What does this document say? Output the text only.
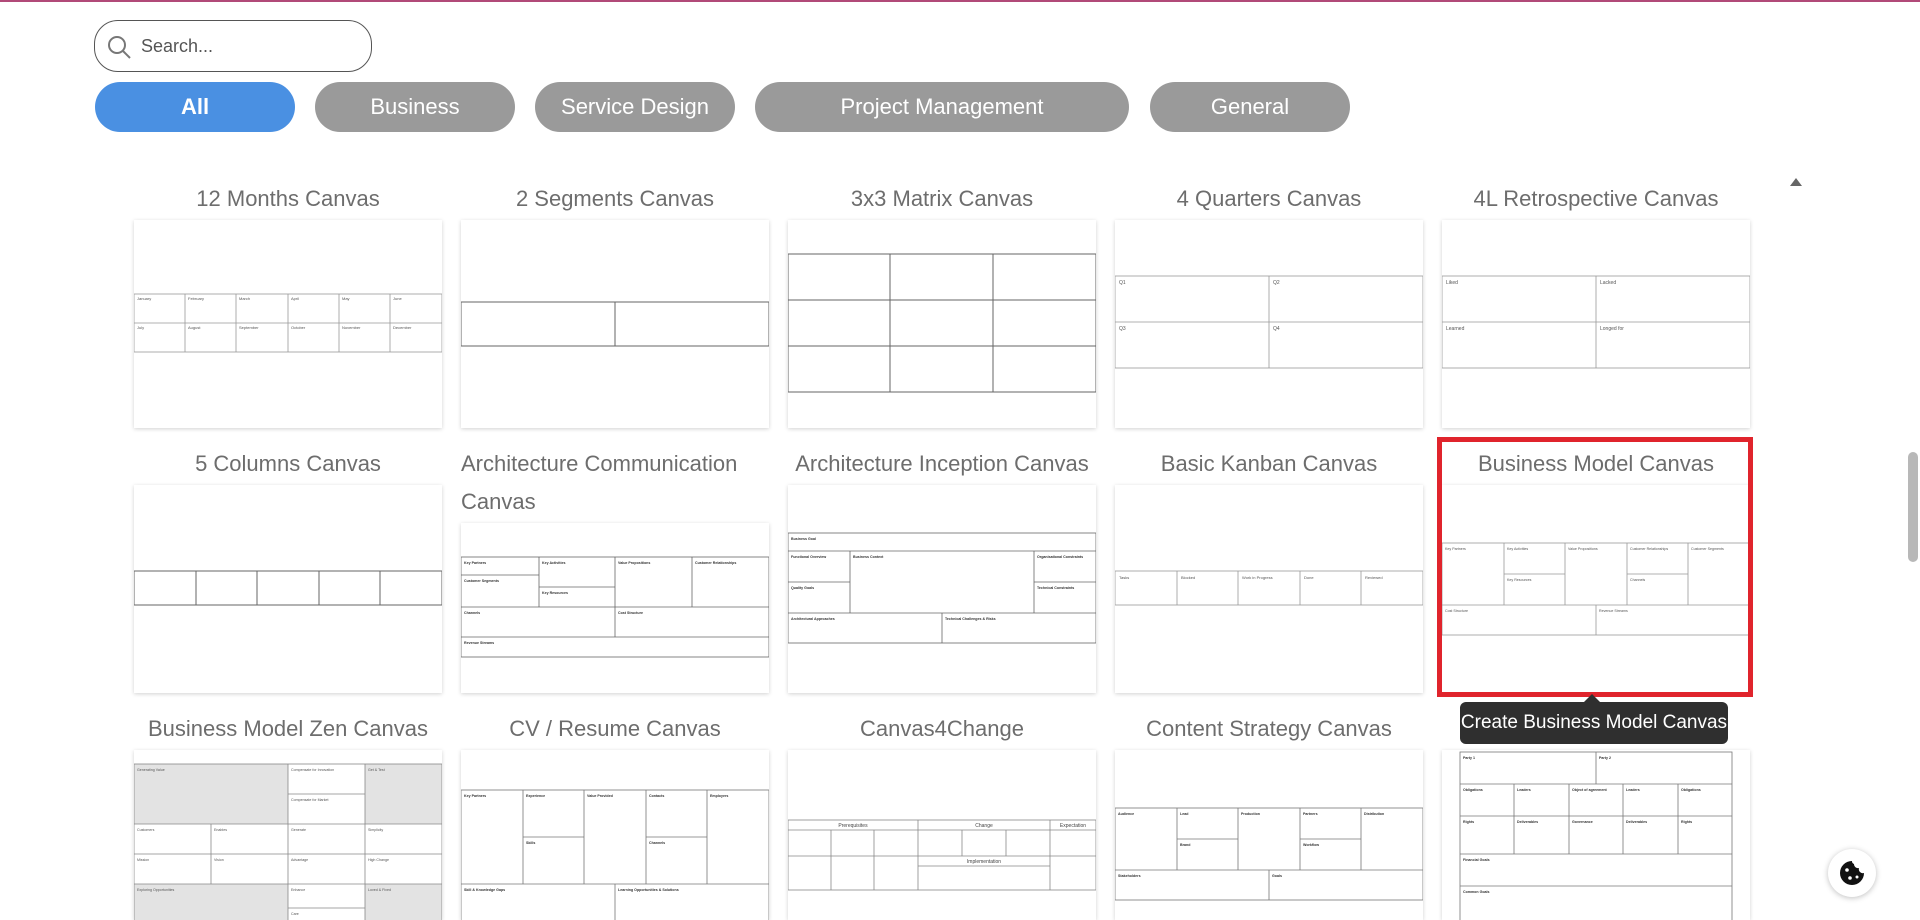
Search...
All	Business	Service Design	Project Management	General
12 Months Canvas
January	February	March	April	May	June
July	August	September	October	November	December
2 Segments Canvas	3x3 Matrix Canvas	4 Quarters Canvas
Q1	Q2
Q3	Q4
4L Retrospective Canvas
Liked	Lacked
Learned	Longed for
5 Columns Canvas	Architecture Communication Canvas
Key Partners	Key Activities	Value Propositions	Customer Relationships
Customer Segments
Key Resources
Channels	Cost Structure
Revenue Streams
Architecture Inception Canvas
Business Goal
Functional Overview	Business Context	Organisational Constraints
Quality Goals	Technical Constraints
Architectural Approaches	Technical Challenges & Risks
Basic Kanban Canvas
Tasks	Blocked	Work in Progress	Done	Reviewed
Business Model Canvas
Key Partners	Key Activities	Value Propositions	Customer Relationships	Customer Segments
Key Resources	Channels
Cost Structure	Revenue Streams
Business Model Zen Canvas
Generating Value	Compensate for Innovation	Get & Test
Compensate for Market
Customers	Enables	Generate	Simplicity
Mission	Vision	Advantage	High Change
Exploring Opportunities	Enhance	Loved & Fixed
Care
CV / Resume Canvas
Key Partners	Experience	Value Provided	Contacts	Employers
Skills	Channels
Skill & Knowledge Gaps	Learning Opportunities & Solutions
Canvas4Change
Prerequisites	Change	Expectation
Implementation
Content Strategy Canvas
Audience	Lead	Production	Partners	Distribution
Brand	Workflow
Stakeholders	Goals
Party 1	Party 2
Obligations	Leaders	Object of agreement	Leaders	Obligations
Rights	Deliverables	Governance	Deliverables	Rights
Financial Goals
Common Goals
Create Business Model Canvas
